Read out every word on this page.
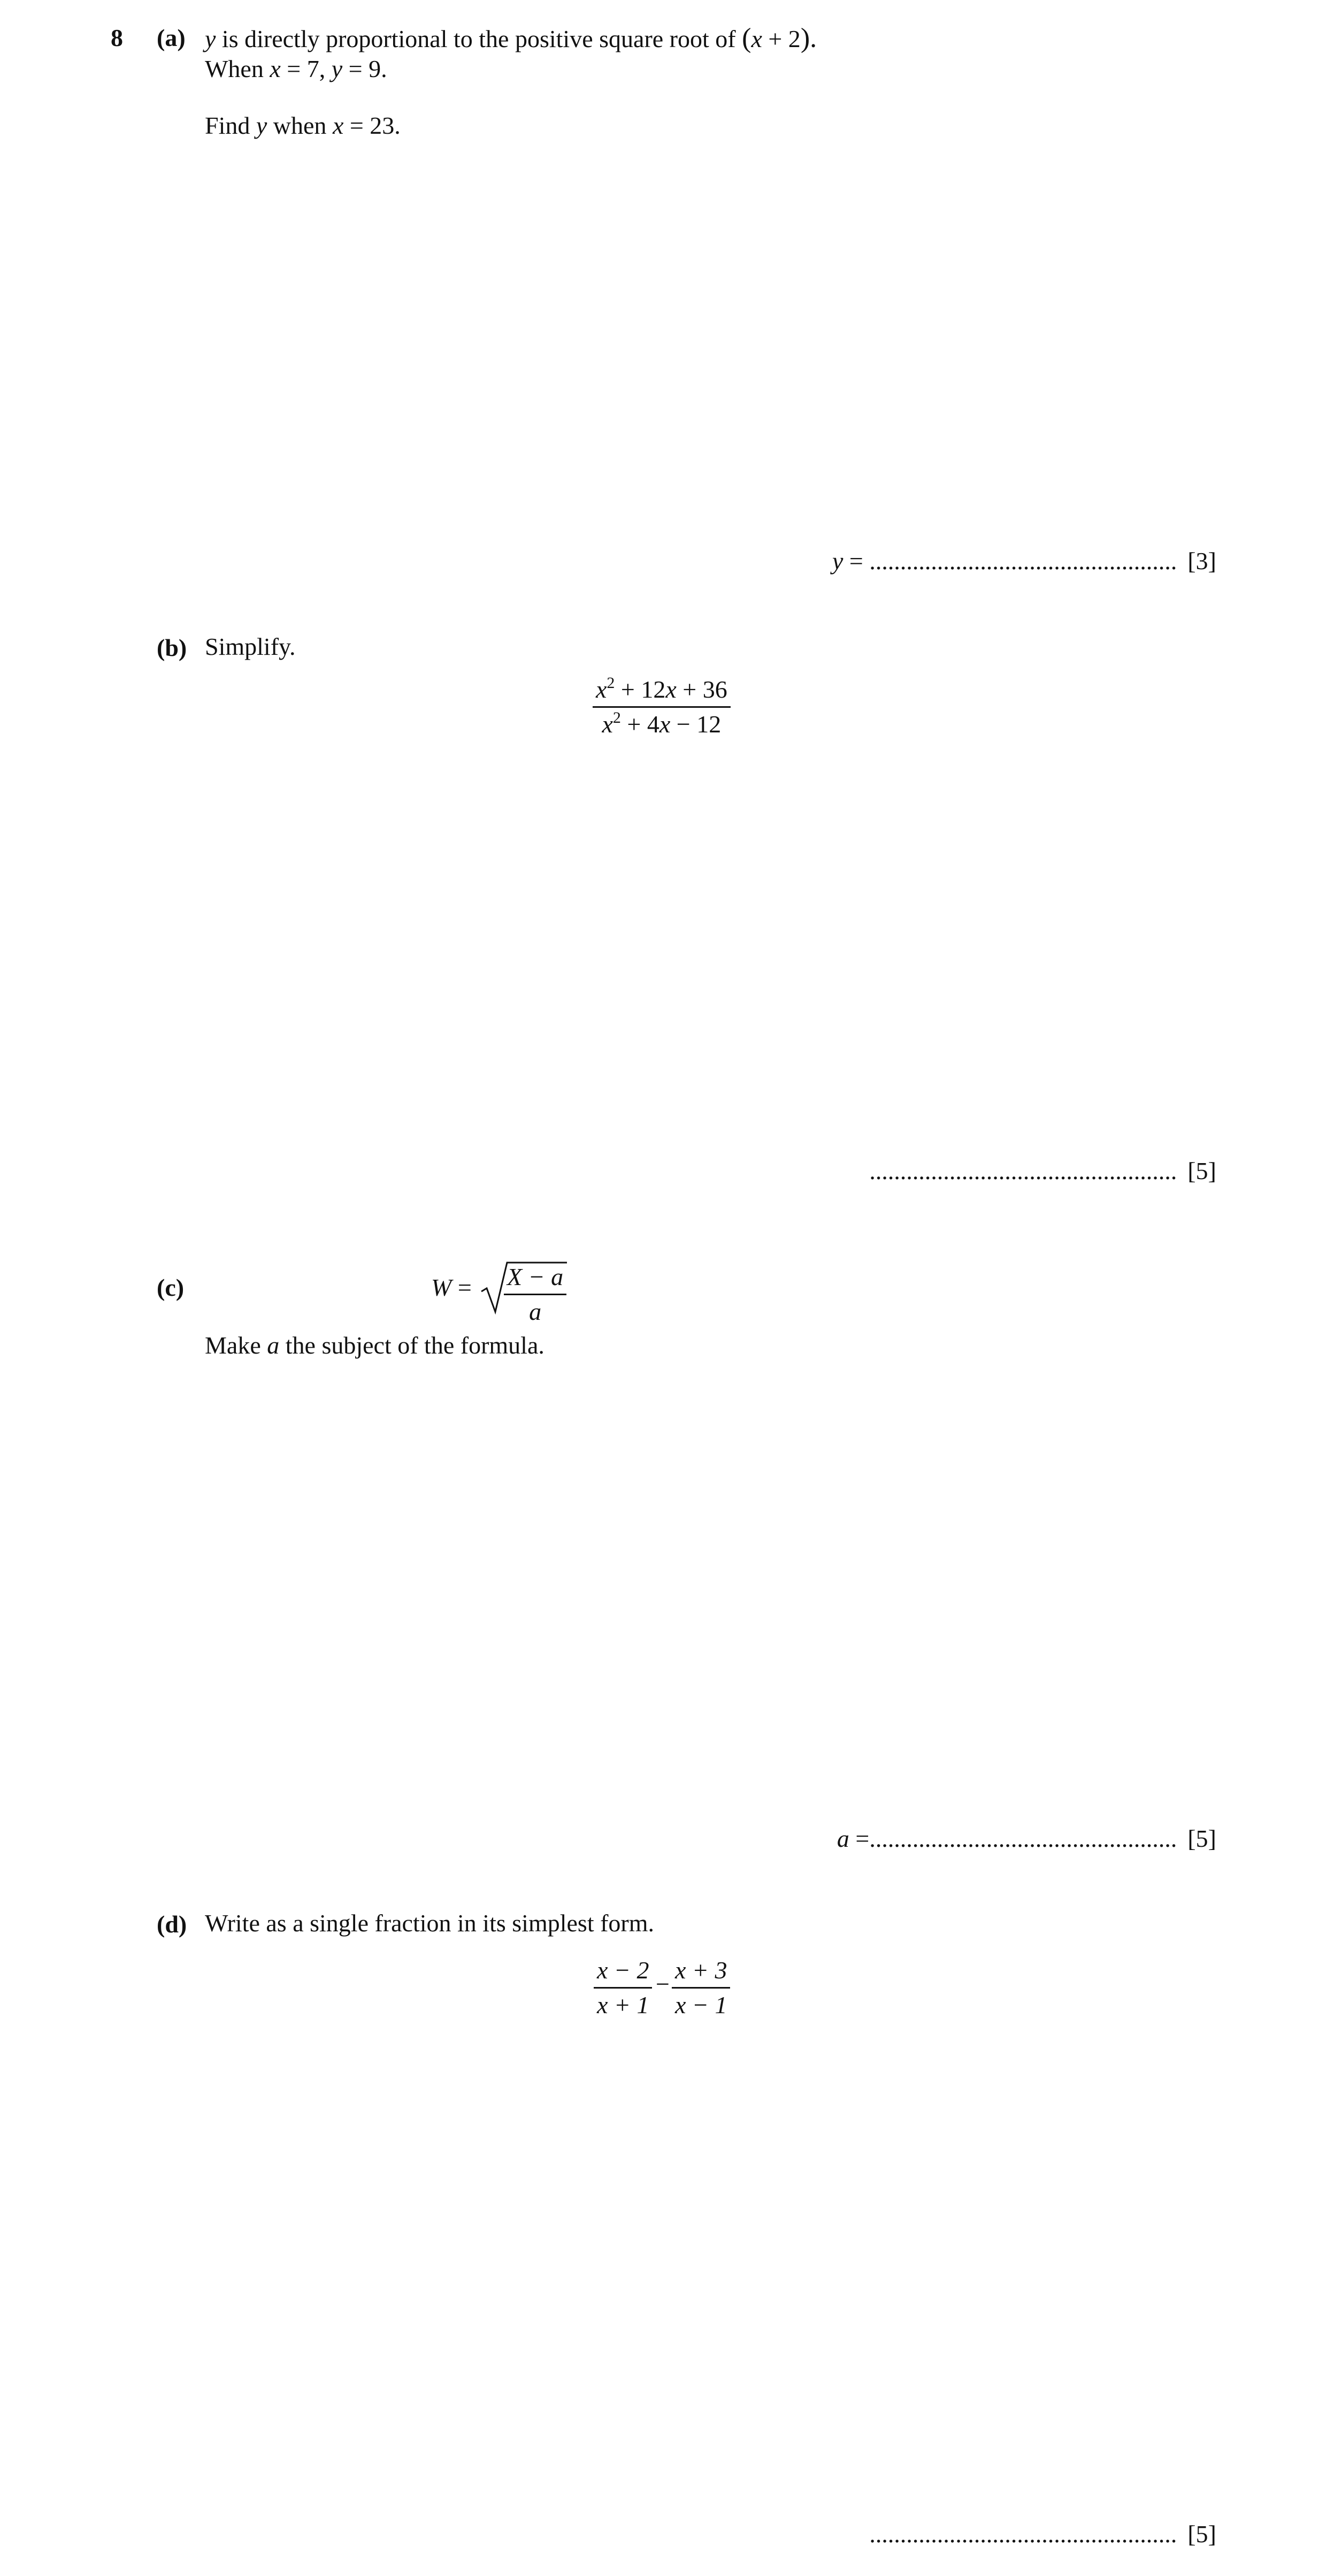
8 (a) y is directly proportional to the positive square root of (x + 2).
When x = 7, y = 9.
Find y when x = 23.
y = .................................................. [3]
(b) Simplify.
$\frac{x^2 + 12x + 36}{x^2 + 4x - 12}$
.................................................. [5]
(c)	$W = \frac{X - a}{a}$
Make a the subject of the formula.
a =.................................................. [5]
(d) Write as a single fraction in its simplest form.
$\frac{x - 2}{x + 1} - \frac{x + 3}{x - 1}$
.................................................. [5]
